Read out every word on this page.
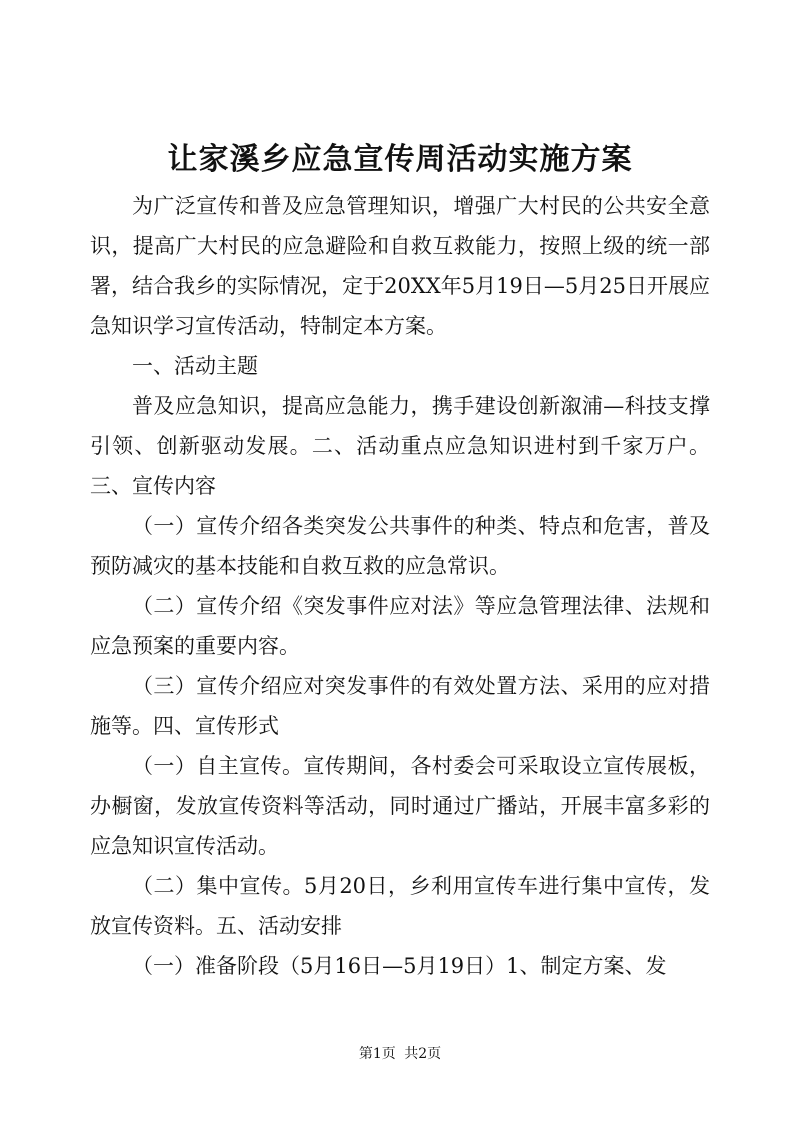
让家溪乡应急宣传周活动实施方案

为广泛宣传和普及应急管理知识，增强广大村民的公共安全意识，提高广大村民的应急避险和自救互救能力，按照上级的统一部署，结合我乡的实际情况，定于20XX年5月19日—5月25日开展应急知识学习宣传活动，特制定本方案。

一、活动主题

普及应急知识，提高应急能力，携手建设创新溆浦—科技支撑引领、创新驱动发展。二、活动重点应急知识进村到千家万户。三、宣传内容

（一）宣传介绍各类突发公共事件的种类、特点和危害，普及预防减灾的基本技能和自救互救的应急常识。

（二）宣传介绍《突发事件应对法》等应急管理法律、法规和应急预案的重要内容。

（三）宣传介绍应对突发事件的有效处置方法、采用的应对措施等。四、宣传形式

（一）自主宣传。宣传期间，各村委会可采取设立宣传展板，办橱窗，发放宣传资料等活动，同时通过广播站，开展丰富多彩的应急知识宣传活动。

（二）集中宣传。5月20日，乡利用宣传车进行集中宣传，发放宣传资料。五、活动安排

（一）准备阶段（5月16日—5月19日）1、制定方案、发

第1页 共2页
